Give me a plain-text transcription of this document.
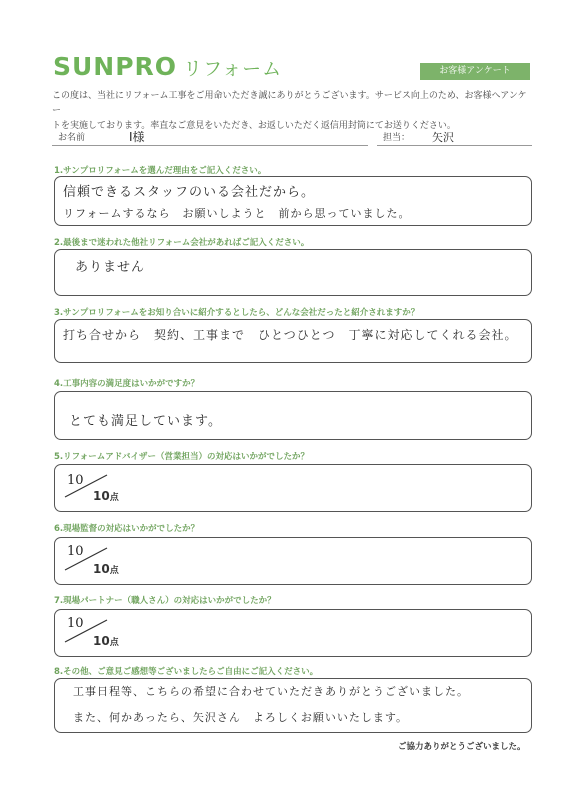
SUNPRO リフォーム	お客様アンケート
この度は、当社にリフォーム工事をご用命いただき誠にありがとうございます。サービス向上のため、お客様へアンケー
トを実施しております。率直なご意見をいただき、お返しいただく返信用封筒にてお送りください。
お名前	I様	担当： 矢沢
1.サンプロリフォームを選んだ理由をご記入ください。
信頼できるスタッフのいる会社だから。
リフォームするなら　お願いしようと　前から思っていました。
2.最後まで迷われた他社リフォーム会社があればご記入ください。
ありません
3.サンプロリフォームをお知り合いに紹介するとしたら、どんな会社だったと紹介されますか？
打ち合せから　契約、工事まで　ひとつひとつ　丁寧に対応してくれる会社。
4.工事内容の満足度はいかがですか？
とても満足しています。
5.リフォームアドバイザー（営業担当）の対応はいかがでしたか？
10
10点
6.現場監督の対応はいかがでしたか？
10
10点
7.現場パートナー（職人さん）の対応はいかがでしたか？
10
10点
8.その他、ご意見ご感想等ございましたらご自由にご記入ください。
工事日程等、こちらの希望に合わせていただきありがとうございました。
また、何かあったら、矢沢さん　よろしくお願いいたします。
ご協力ありがとうございました。
